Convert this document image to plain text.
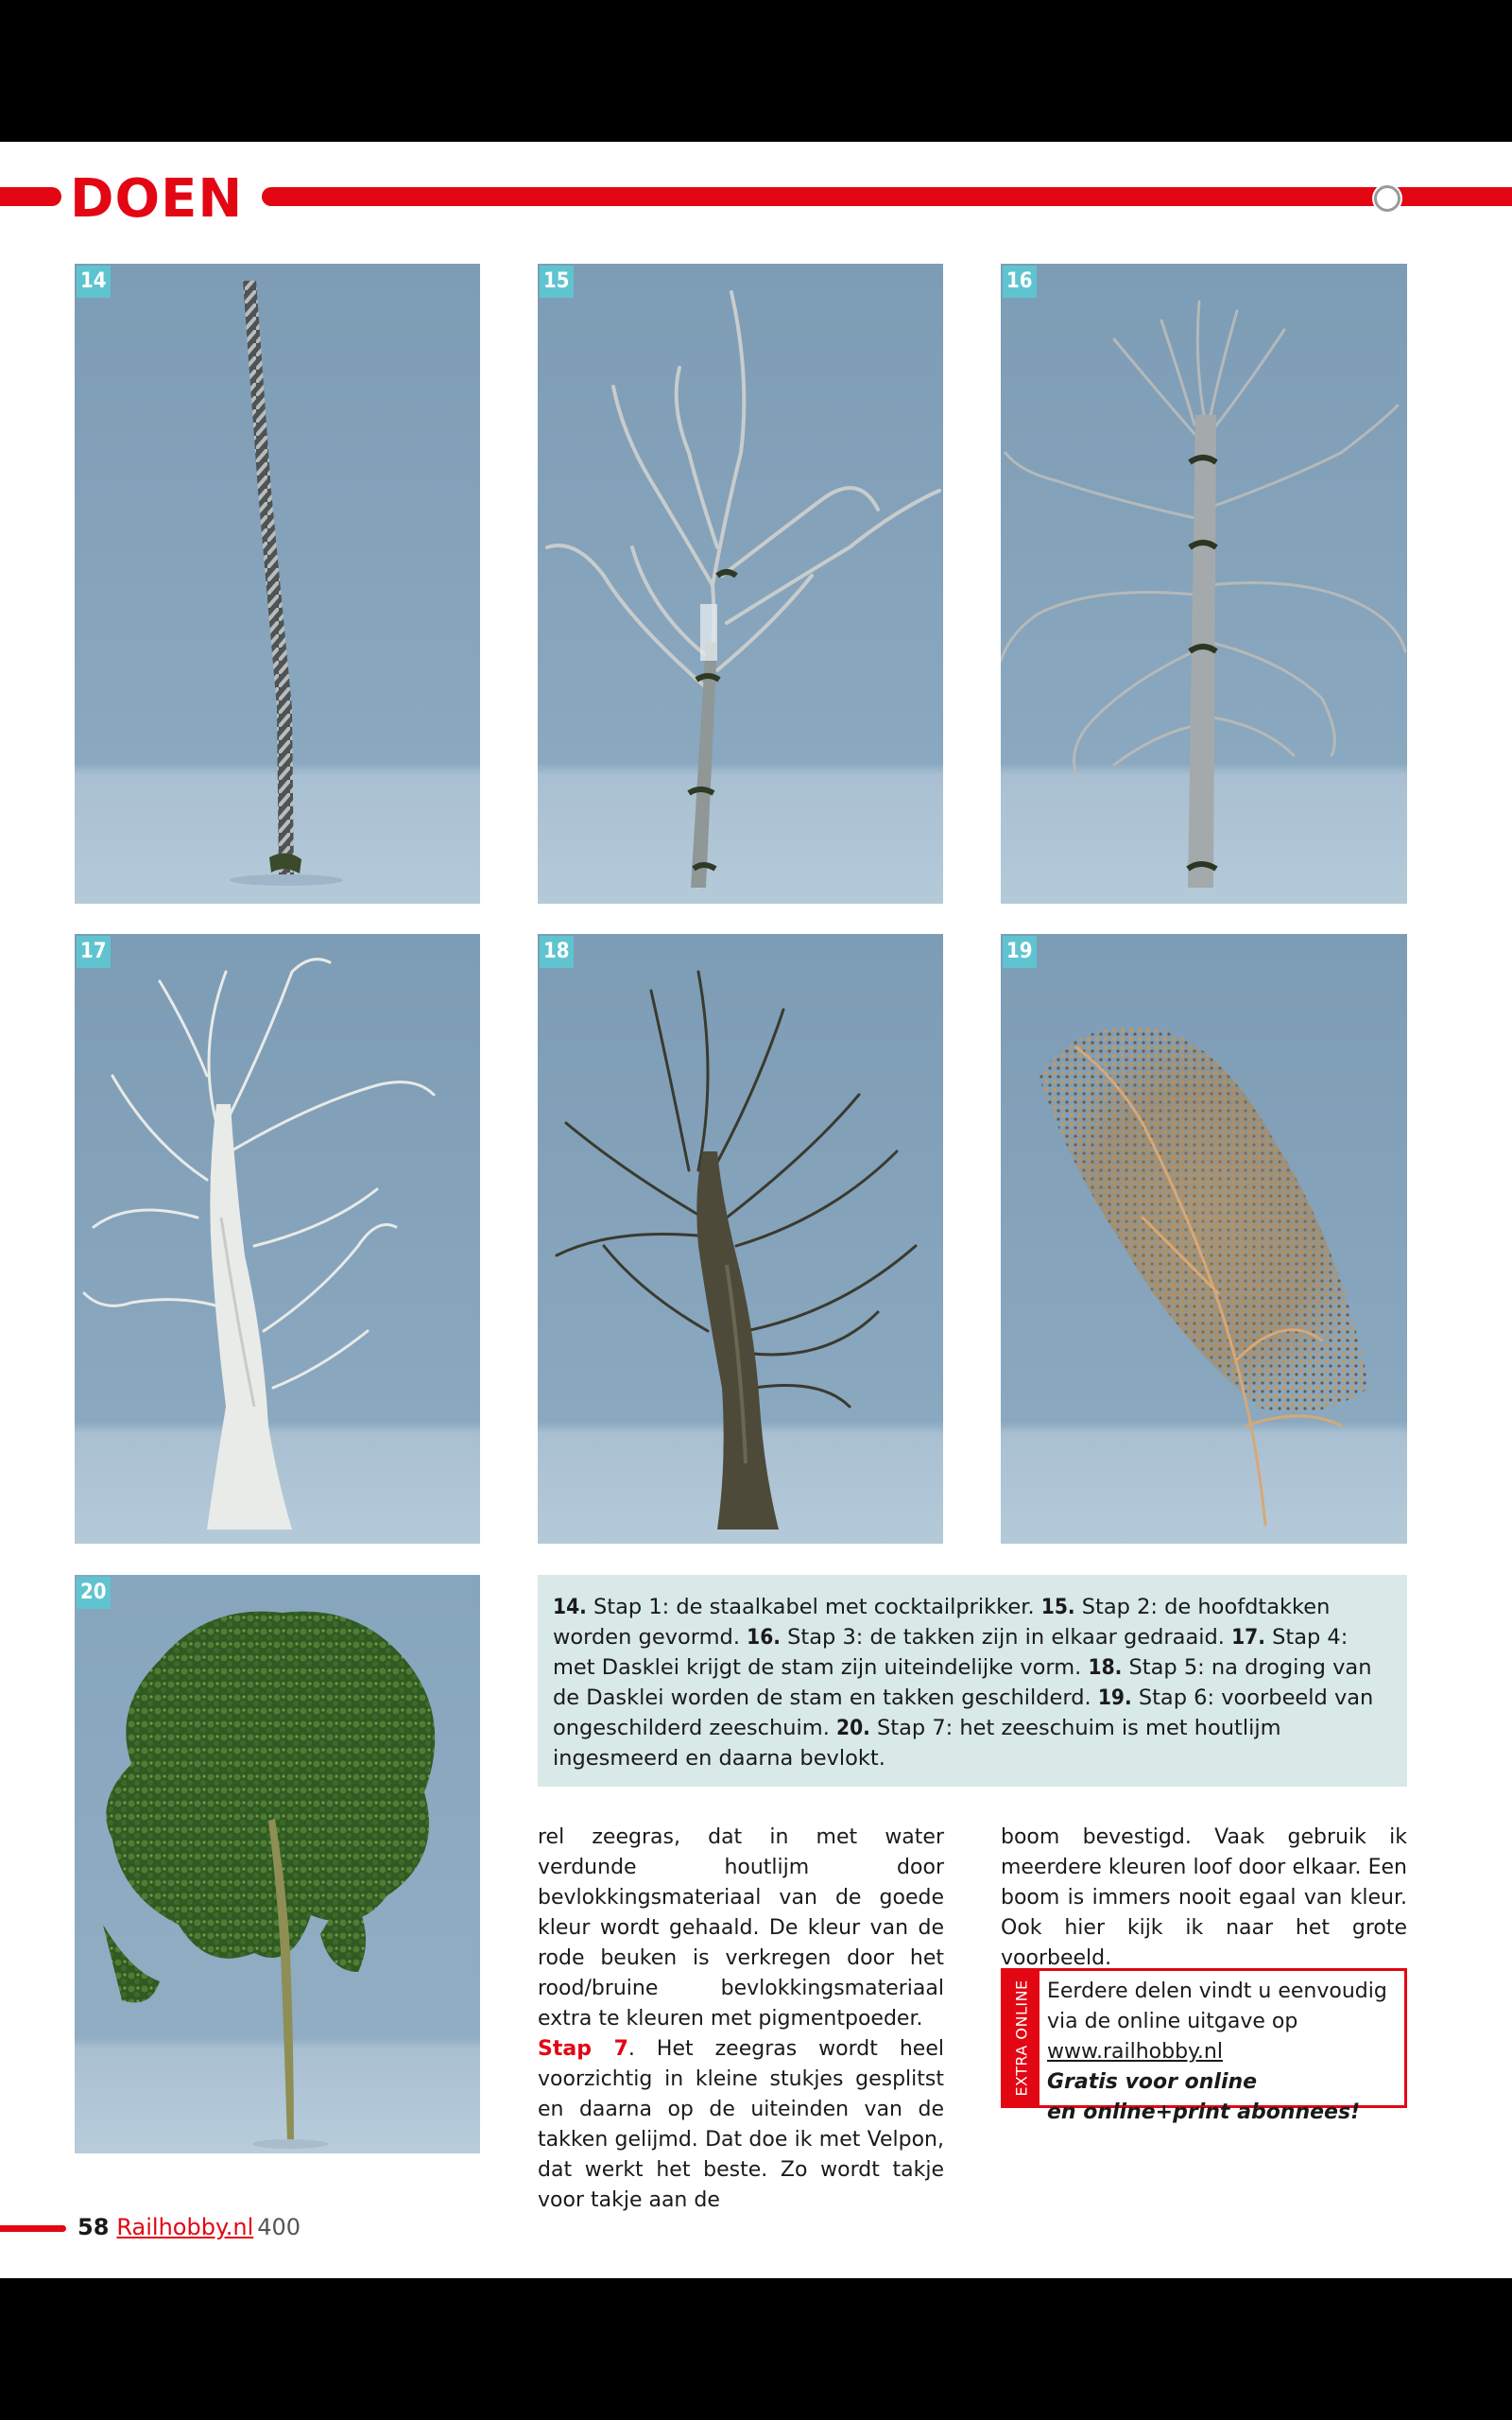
DOEN
14	15	16
17	18	19
20
14. Stap 1: de staalkabel met cocktailprikker. 15. Stap 2: de hoofdtakken worden gevormd. 16. Stap 3: de takken zijn in elkaar gedraaid. 17. Stap 4: met Dasklei krijgt de stam zijn uiteindelijke vorm. 18. Stap 5: na droging van de Dasklei worden de stam en takken geschilderd. 19. Stap 6: voorbeeld van ongeschilderd zeeschuim. 20. Stap 7: het zeeschuim is met houtlijm ingesmeerd en daarna bevlokt.

rel zeegras, dat in met water verdunde houtlijm door bevlokkingsmateriaal van de goede kleur wordt gehaald. De kleur van de rode beuken is verkregen door het rood/bruine bevlokkingsmateriaal extra te kleuren met pigmentpoeder.

Stap 7. Het zeegras wordt heel voorzichtig in kleine stukjes gesplitst en daarna op de uiteinden van de takken gelijmd. Dat doe ik met Velpon, dat werkt het beste. Zo wordt takje voor takje aan de

boom bevestigd. Vaak gebruik ik meerdere kleuren loof door elkaar. Een boom is immers nooit egaal van kleur. Ook hier kijk ik naar het grote voorbeeld.

EXTRA ONLINE Eerdere delen vindt u eenvoudig via de online uitgave op
www.railhobby.nl
Gratis voor online
en online+print abonnees!
58 Railhobby.nl 400
